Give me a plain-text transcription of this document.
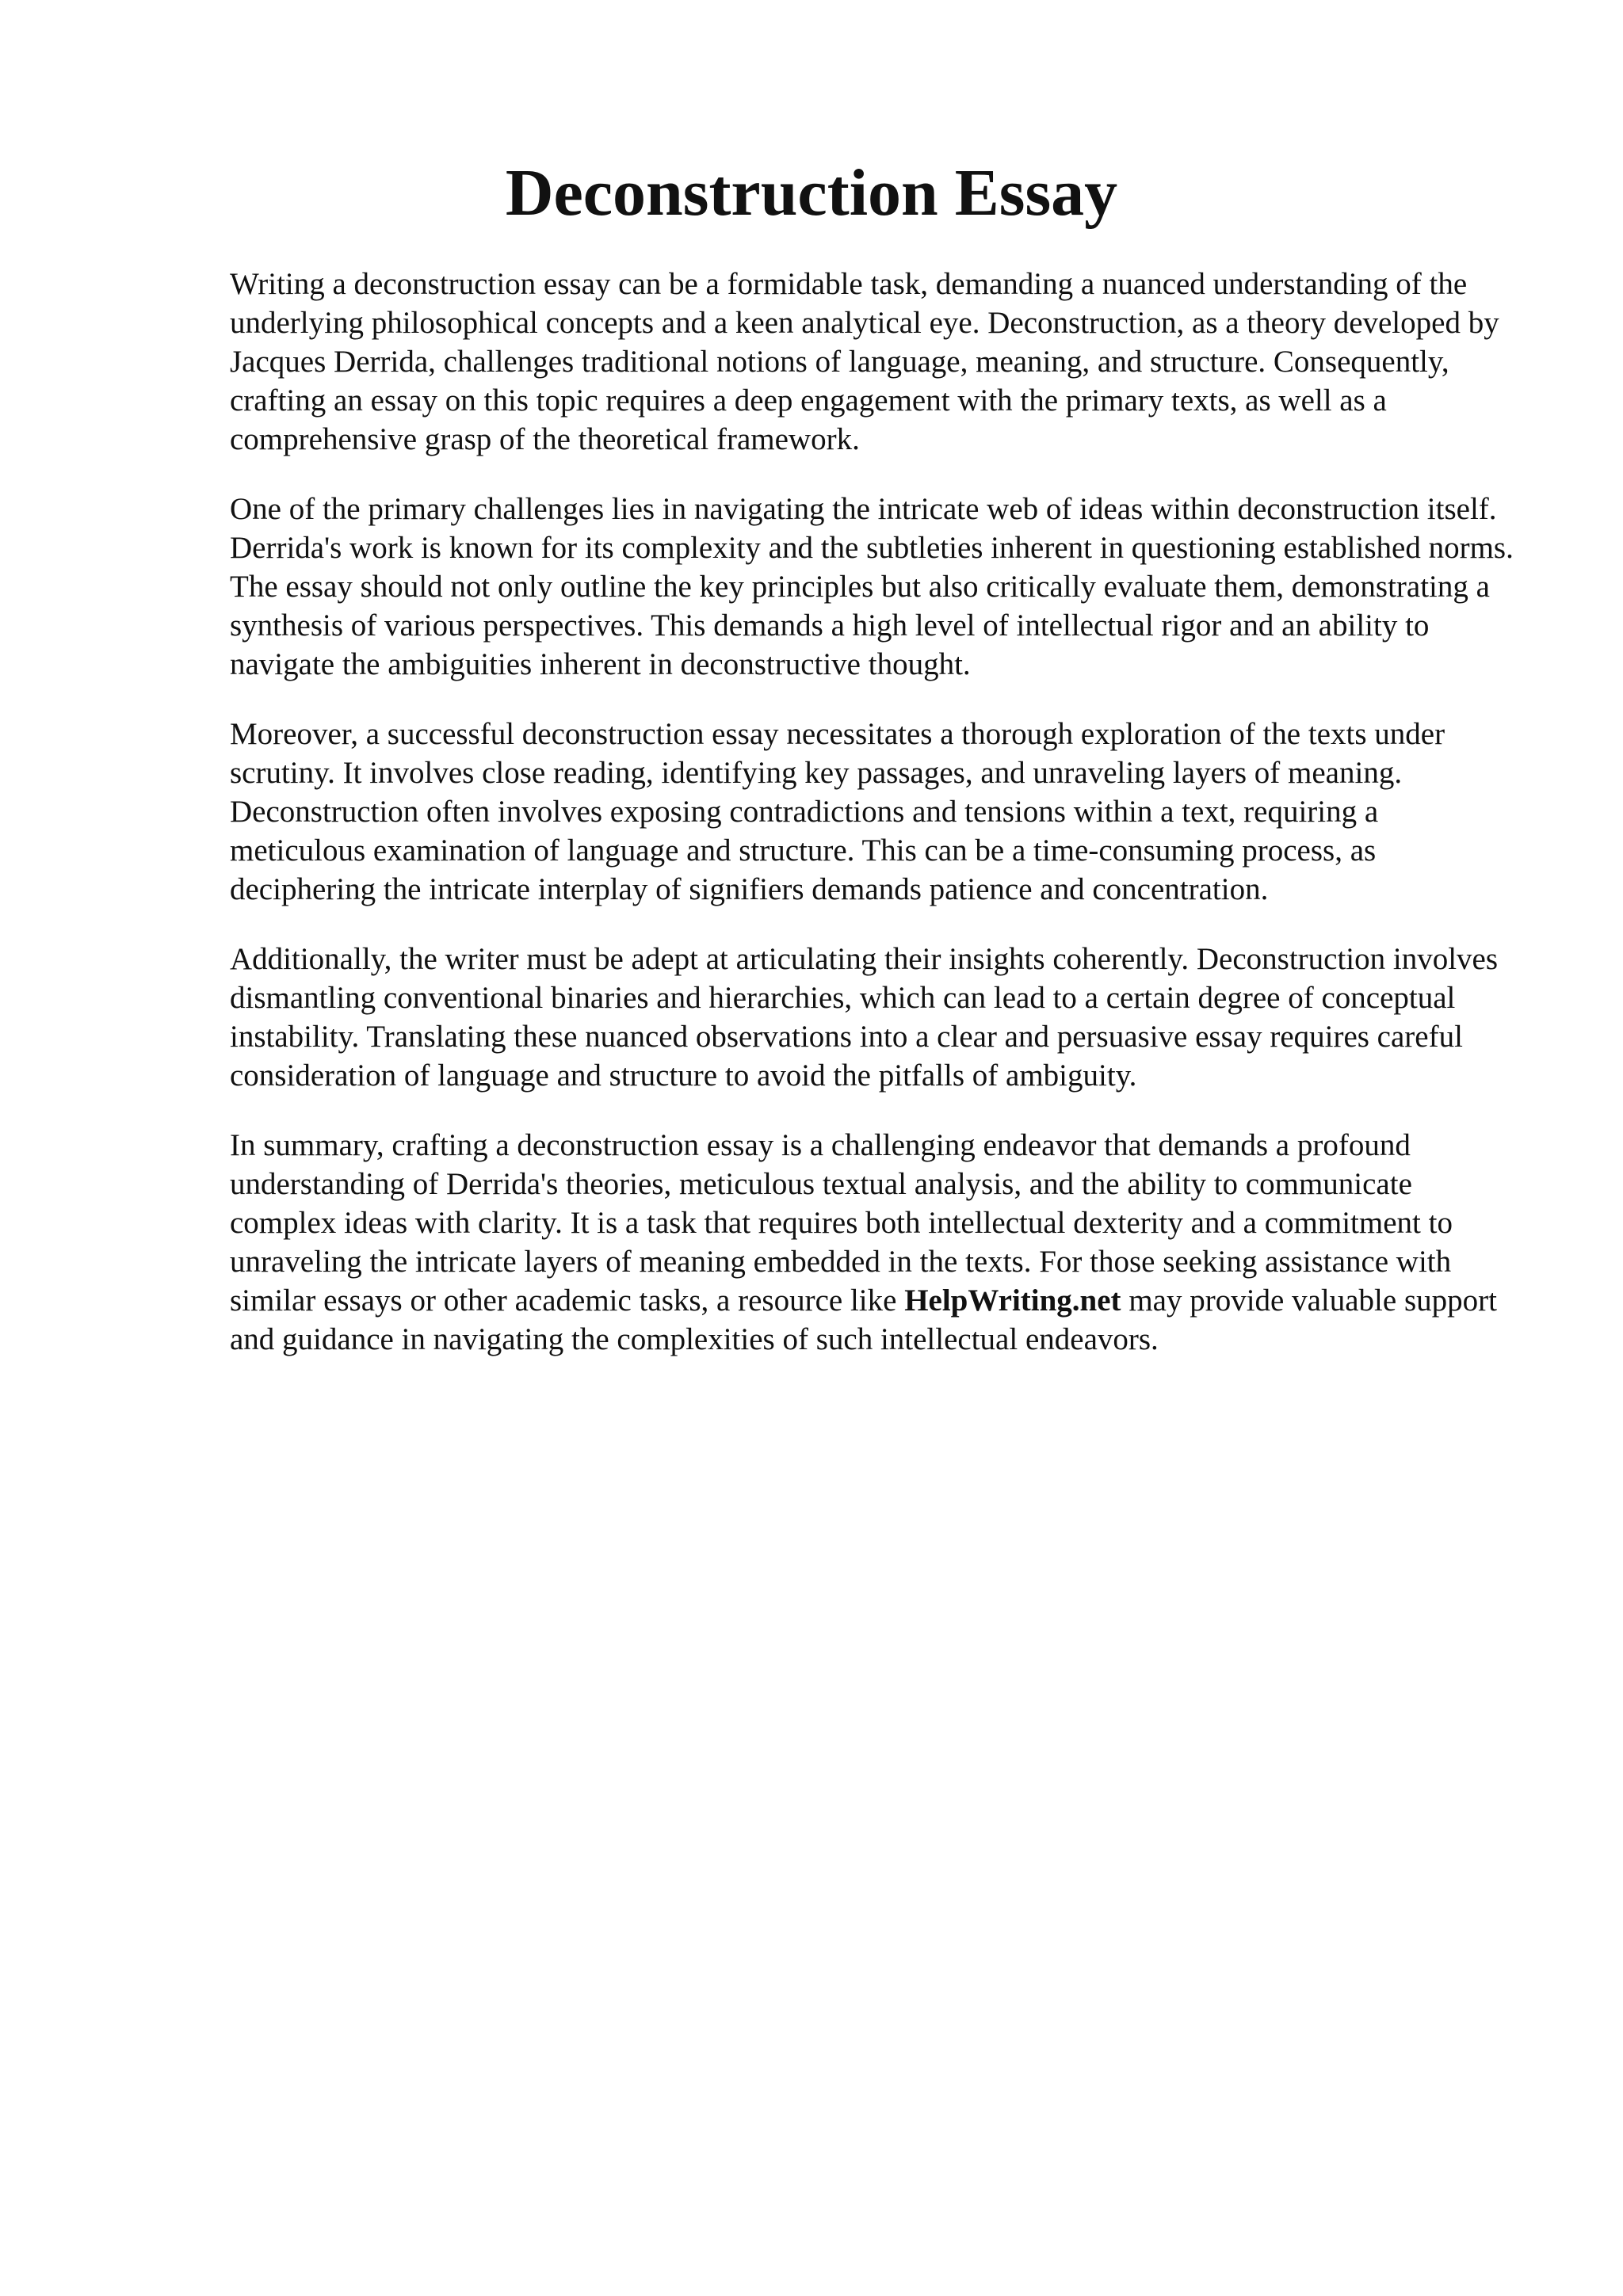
Deconstruction Essay

Writing a deconstruction essay can be a formidable task, demanding a nuanced understanding of the underlying philosophical concepts and a keen analytical eye. Deconstruction, as a theory developed by Jacques Derrida, challenges traditional notions of language, meaning, and structure. Consequently, crafting an essay on this topic requires a deep engagement with the primary texts, as well as a comprehensive grasp of the theoretical framework.

One of the primary challenges lies in navigating the intricate web of ideas within deconstruction itself. Derrida's work is known for its complexity and the subtleties inherent in questioning established norms. The essay should not only outline the key principles but also critically evaluate them, demonstrating a synthesis of various perspectives. This demands a high level of intellectual rigor and an ability to navigate the ambiguities inherent in deconstructive thought.

Moreover, a successful deconstruction essay necessitates a thorough exploration of the texts under scrutiny. It involves close reading, identifying key passages, and unraveling layers of meaning. Deconstruction often involves exposing contradictions and tensions within a text, requiring a meticulous examination of language and structure. This can be a time-consuming process, as deciphering the intricate interplay of signifiers demands patience and concentration.

Additionally, the writer must be adept at articulating their insights coherently. Deconstruction involves dismantling conventional binaries and hierarchies, which can lead to a certain degree of conceptual instability. Translating these nuanced observations into a clear and persuasive essay requires careful consideration of language and structure to avoid the pitfalls of ambiguity.

In summary, crafting a deconstruction essay is a challenging endeavor that demands a profound understanding of Derrida's theories, meticulous textual analysis, and the ability to communicate complex ideas with clarity. It is a task that requires both intellectual dexterity and a commitment to unraveling the intricate layers of meaning embedded in the texts. For those seeking assistance with similar essays or other academic tasks, a resource like HelpWriting.net may provide valuable support and guidance in navigating the complexities of such intellectual endeavors.
